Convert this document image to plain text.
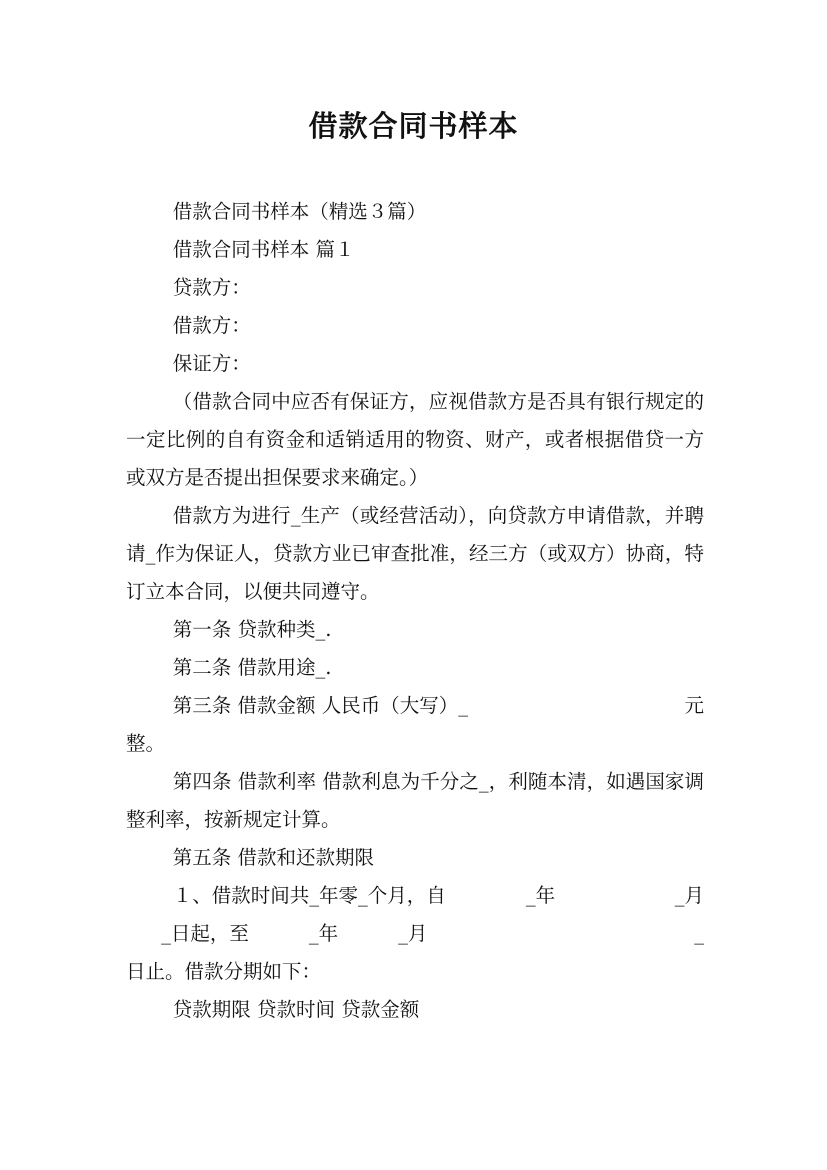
借款合同书样本

借款合同书样本（精选３篇）

借款合同书样本 篇１

贷款方：

借款方：

保证方：

（借款合同中应否有保证方，应视借款方是否具有银行规定的一定比例的自有资金和适销适用的物资、财产，或者根据借贷一方或双方是否提出担保要求来确定。）

借款方为进行_生产（或经营活动），向贷款方申请借款，并聘请_作为保证人，贷款方业已审查批准，经三方（或双方）协商，特订立本合同，以便共同遵守。

第一条 贷款种类_.

第二条 借款用途_.

第三条 借款金额 人民币（大写）_	元

整。

第四条 借款利率 借款利息为千分之_，利随本清，如遇国家调整利率，按新规定计算。

第五条 借款和还款期限

１、借款时间共_年零_个月，自	_年	_月

_日起，至	_年	_月	_

日止。借款分期如下：

贷款期限 贷款时间 贷款金额
